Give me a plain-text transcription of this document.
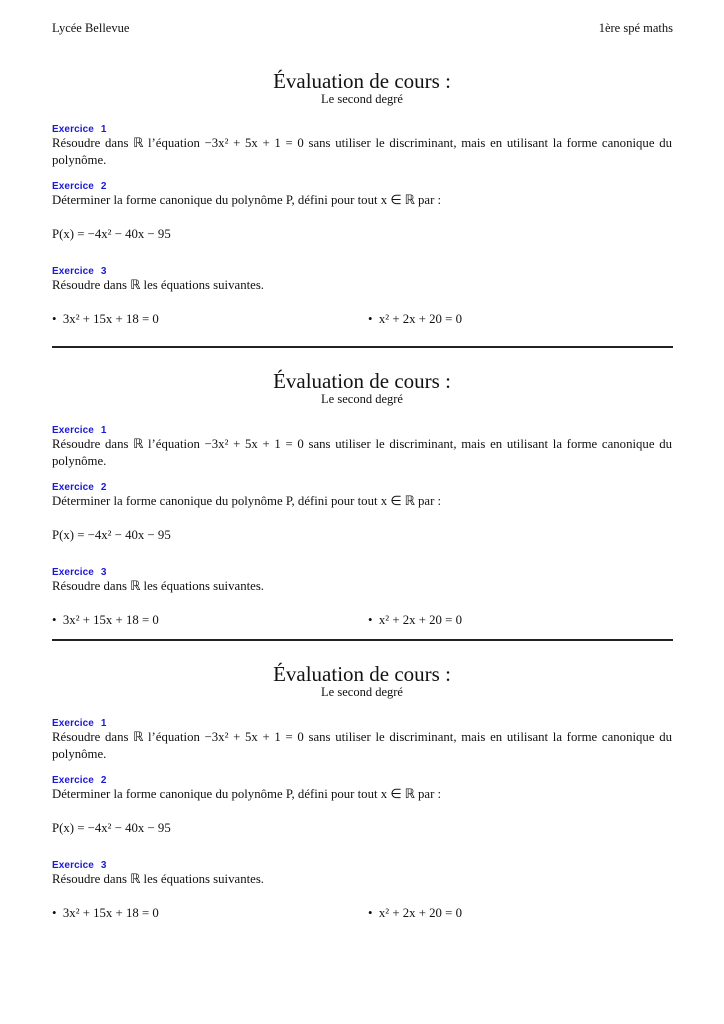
Lycée Bellevue	1ère spé maths
Évaluation de cours :
Le second degré
Exercice 1
Résoudre dans ℝ l’équation −3x² + 5x + 1 = 0 sans utiliser le discriminant, mais en utilisant la forme canonique du polynôme.
Exercice 2
Déterminer la forme canonique du polynôme P, défini pour tout x ∈ ℝ par :
P(x) = −4x² − 40x − 95
Exercice 3
Résoudre dans ℝ les équations suivantes.
•  3x² + 15x + 18 = 0	•  x² + 2x + 20 = 0
Évaluation de cours :
Le second degré
Exercice 1
Résoudre dans ℝ l’équation −3x² + 5x + 1 = 0 sans utiliser le discriminant, mais en utilisant la forme canonique du polynôme.
Exercice 2
Déterminer la forme canonique du polynôme P, défini pour tout x ∈ ℝ par :
P(x) = −4x² − 40x − 95
Exercice 3
Résoudre dans ℝ les équations suivantes.
•  3x² + 15x + 18 = 0	•  x² + 2x + 20 = 0
Évaluation de cours :
Le second degré
Exercice 1
Résoudre dans ℝ l’équation −3x² + 5x + 1 = 0 sans utiliser le discriminant, mais en utilisant la forme canonique du polynôme.
Exercice 2
Déterminer la forme canonique du polynôme P, défini pour tout x ∈ ℝ par :
P(x) = −4x² − 40x − 95
Exercice 3
Résoudre dans ℝ les équations suivantes.
•  3x² + 15x + 18 = 0	•  x² + 2x + 20 = 0
